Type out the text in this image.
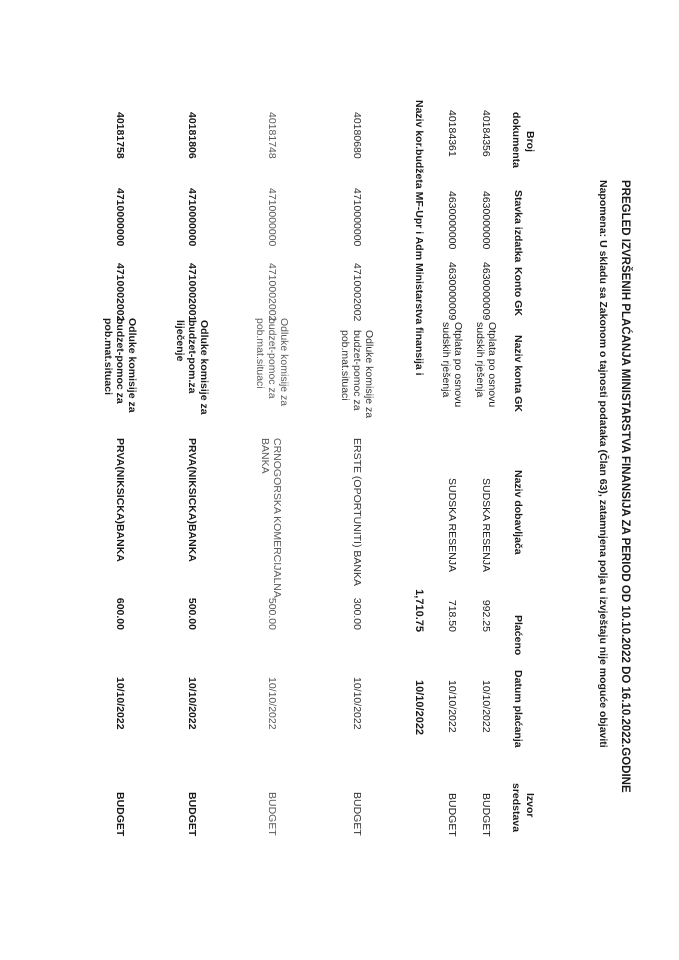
PREGLED IZVRŠENIH PLAĆANJA MINISTARSTVA FINANSIJA ZA PERIOD OD 10.10.2022 DO 16.10.2022.GODINE
Napomena: U skladu sa Zakonom o tajnosti podataka (Član 63), zatamnjena polja u izvještaju nije moguće objaviti
Broj
dokumenta
Stavka izdatka
Konto GK
Naziv konta GK
Naziv dobavljača
Plaćeno
Datum plaćanja
Izvor
sredstava
40184356
4630000000
4630000009
Otplata po osnovu
sudskih rješenja
SUDSKA RESENJA
992.25
10/10/2022
BUDGET
40184361
4630000000
4630000009
Otplata po osnovu
sudskih rješenja
SUDSKA RESENJA
718.50
10/10/2022
BUDGET
Naziv kor.budžeta MF-Upr i Adm Ministarstva finansija i
1,710.75
10/10/2022
40180680
4710000000
4710002002
Odluke komisije za
budzet-pomoc za
pob.mat.situaci
ERSTE (OPORTUNITI) BANKA
300.00
10/10/2022
BUDGET
40181748
4710000000
4710002002
Odluke komisije za
budzet-pomoc za
pob.mat.situaci
CRNOGORSKA KOMERCIJALNA
BANKA
500.00
10/10/2022
BUDGET
40181806
4710000000
4710002001
Odluke komisije za
budzet-pom.za
liječenje
PRVA(NIKSICKA)BANKA
500.00
10/10/2022
BUDGET
40181758
4710000000
4710002002
Odluke komisije za
budzet-pomoc za
pob.mat.situaci
PRVA(NIKSICKA)BANKA
600.00
10/10/2022
BUDGET
